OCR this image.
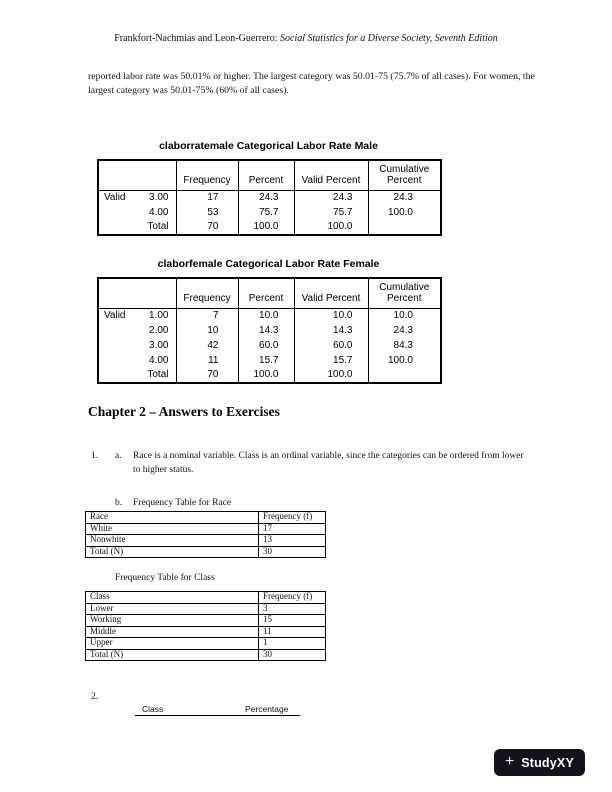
Frankfort-Nachmias and Leon-Guerrero: Social Statistics for a Diverse Society, Seventh Edition
reported labor rate was 50.01% or higher. The largest category was 50.01-75 (75.7% of all cases). For women, the largest category was 50.01-75% (60% of all cases).
claborratemale Categorical Labor Rate Male
		Frequency	Percent	Valid Percent	Cumulative Percent
Valid	3.00	17	24.3	24.3	24.3
	4.00	53	75.7	75.7	100.0
	Total	70	100.0	100.0	
claborfemale Categorical Labor Rate Female
		Frequency	Percent	Valid Percent	Cumulative Percent
Valid	1.00	7	10.0	10.0	10.0
	2.00	10	14.3	14.3	24.3
	3.00	42	60.0	60.0	84.3
	4.00	11	15.7	15.7	100.0
	Total	70	100.0	100.0	
Chapter 2 – Answers to Exercises
1.	a.	Race is a nominal variable. Class is an ordinal variable, since the categories can be ordered from lower to higher status.
b.	Frequency Table for Race
Race	Frequency (f)
White	17
Nonwhite	13
Total (N)	30
Frequency Table for Class
Class	Frequency (f)
Lower	3
Working	15
Middle	11
Upper	1
Total (N)	30
2.
Class	Percentage
+ StudyXY
